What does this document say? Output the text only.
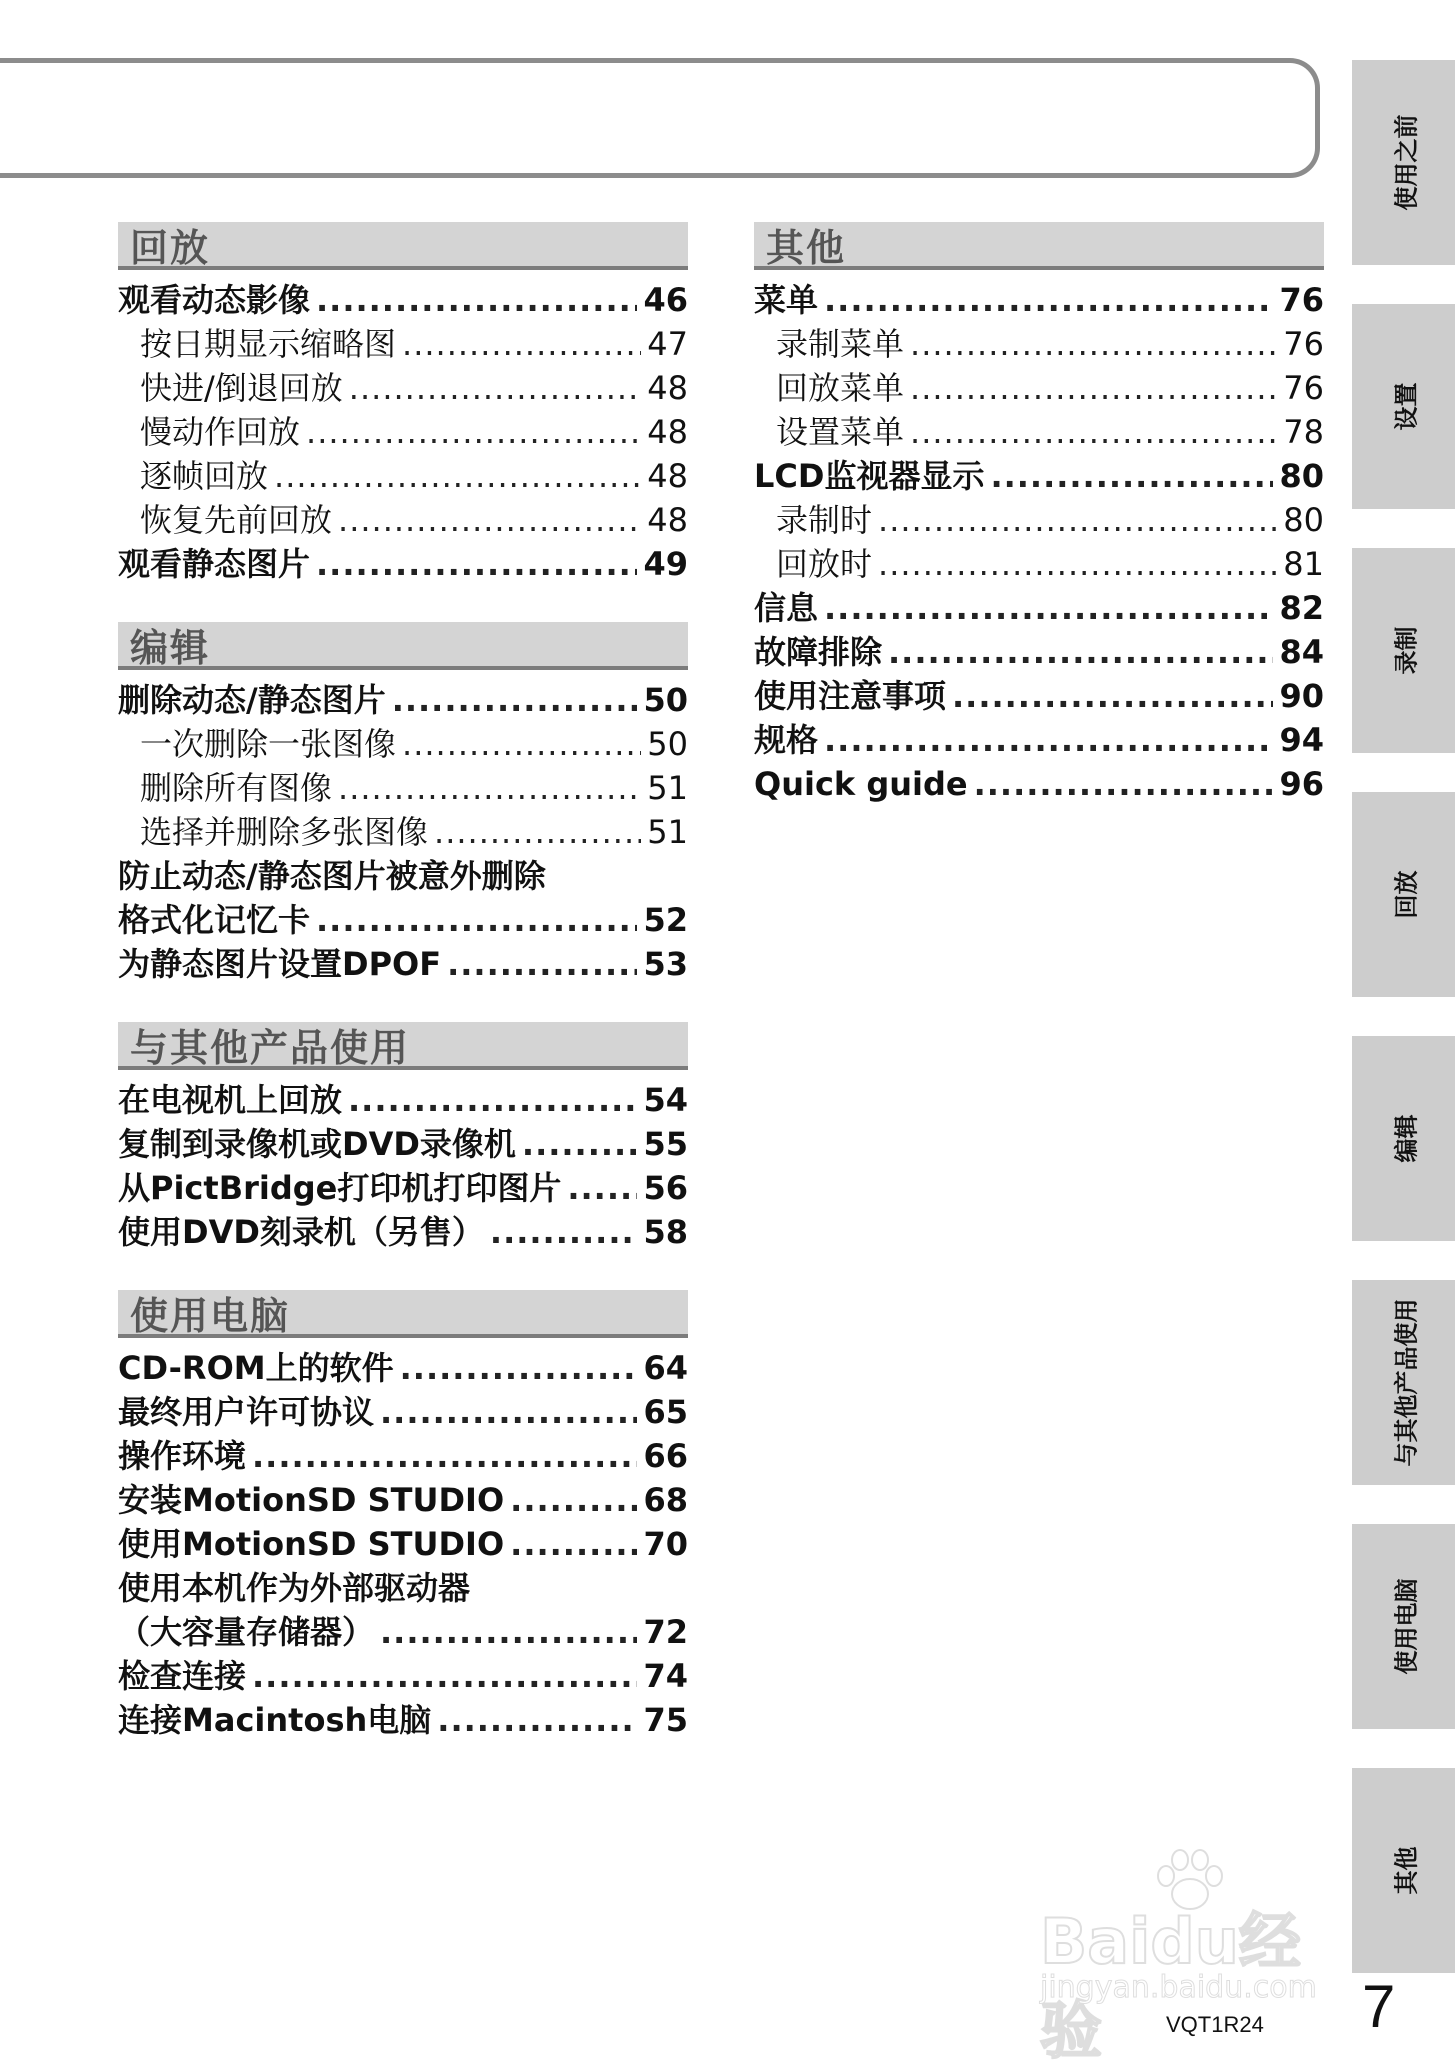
回放
观看动态影像 .....	46
按日期显示缩略图 .....	47
快进/倒退回放 .....	48
慢动作回放 .....	48
逐帧回放 .....	48
恢复先前回放 .....	48
观看静态图片 .....	49
编辑
删除动态/静态图片 .....	50
一次删除一张图像 .....	50
删除所有图像 .....	51
选择并删除多张图像 .....	51
防止动态/静态图片被意外删除
格式化记忆卡 .....	52
为静态图片设置DPOF .....	53
与其他产品使用
在电视机上回放 .....	54
复制到录像机或DVD录像机 .....	55
从PictBridge打印机打印图片 .....	56
使用DVD刻录机（另售） .....	58
使用电脑
CD-ROM上的软件 .....	64
最终用户许可协议 .....	65
操作环境 .....	66
安装MotionSD STUDIO .....	68
使用MotionSD STUDIO .....	70
使用本机作为外部驱动器
（大容量存储器） .....	72
检查连接 .....	74
连接Macintosh电脑 .....	75
其他
菜单 .....	76
录制菜单 .....	76
回放菜单 .....	76
设置菜单 .....	78
LCD监视器显示 .....	80
录制时 .....	80
回放时 .....	81
信息 .....	82
故障排除 .....	84
使用注意事项 .....	90
规格 .....	94
Quick guide .....	96
使用之前
设置
录制
回放
编辑
与其他产品使用
使用电脑
其他
Baidu经验
jingyan.baidu.com
VQT1R24 7
